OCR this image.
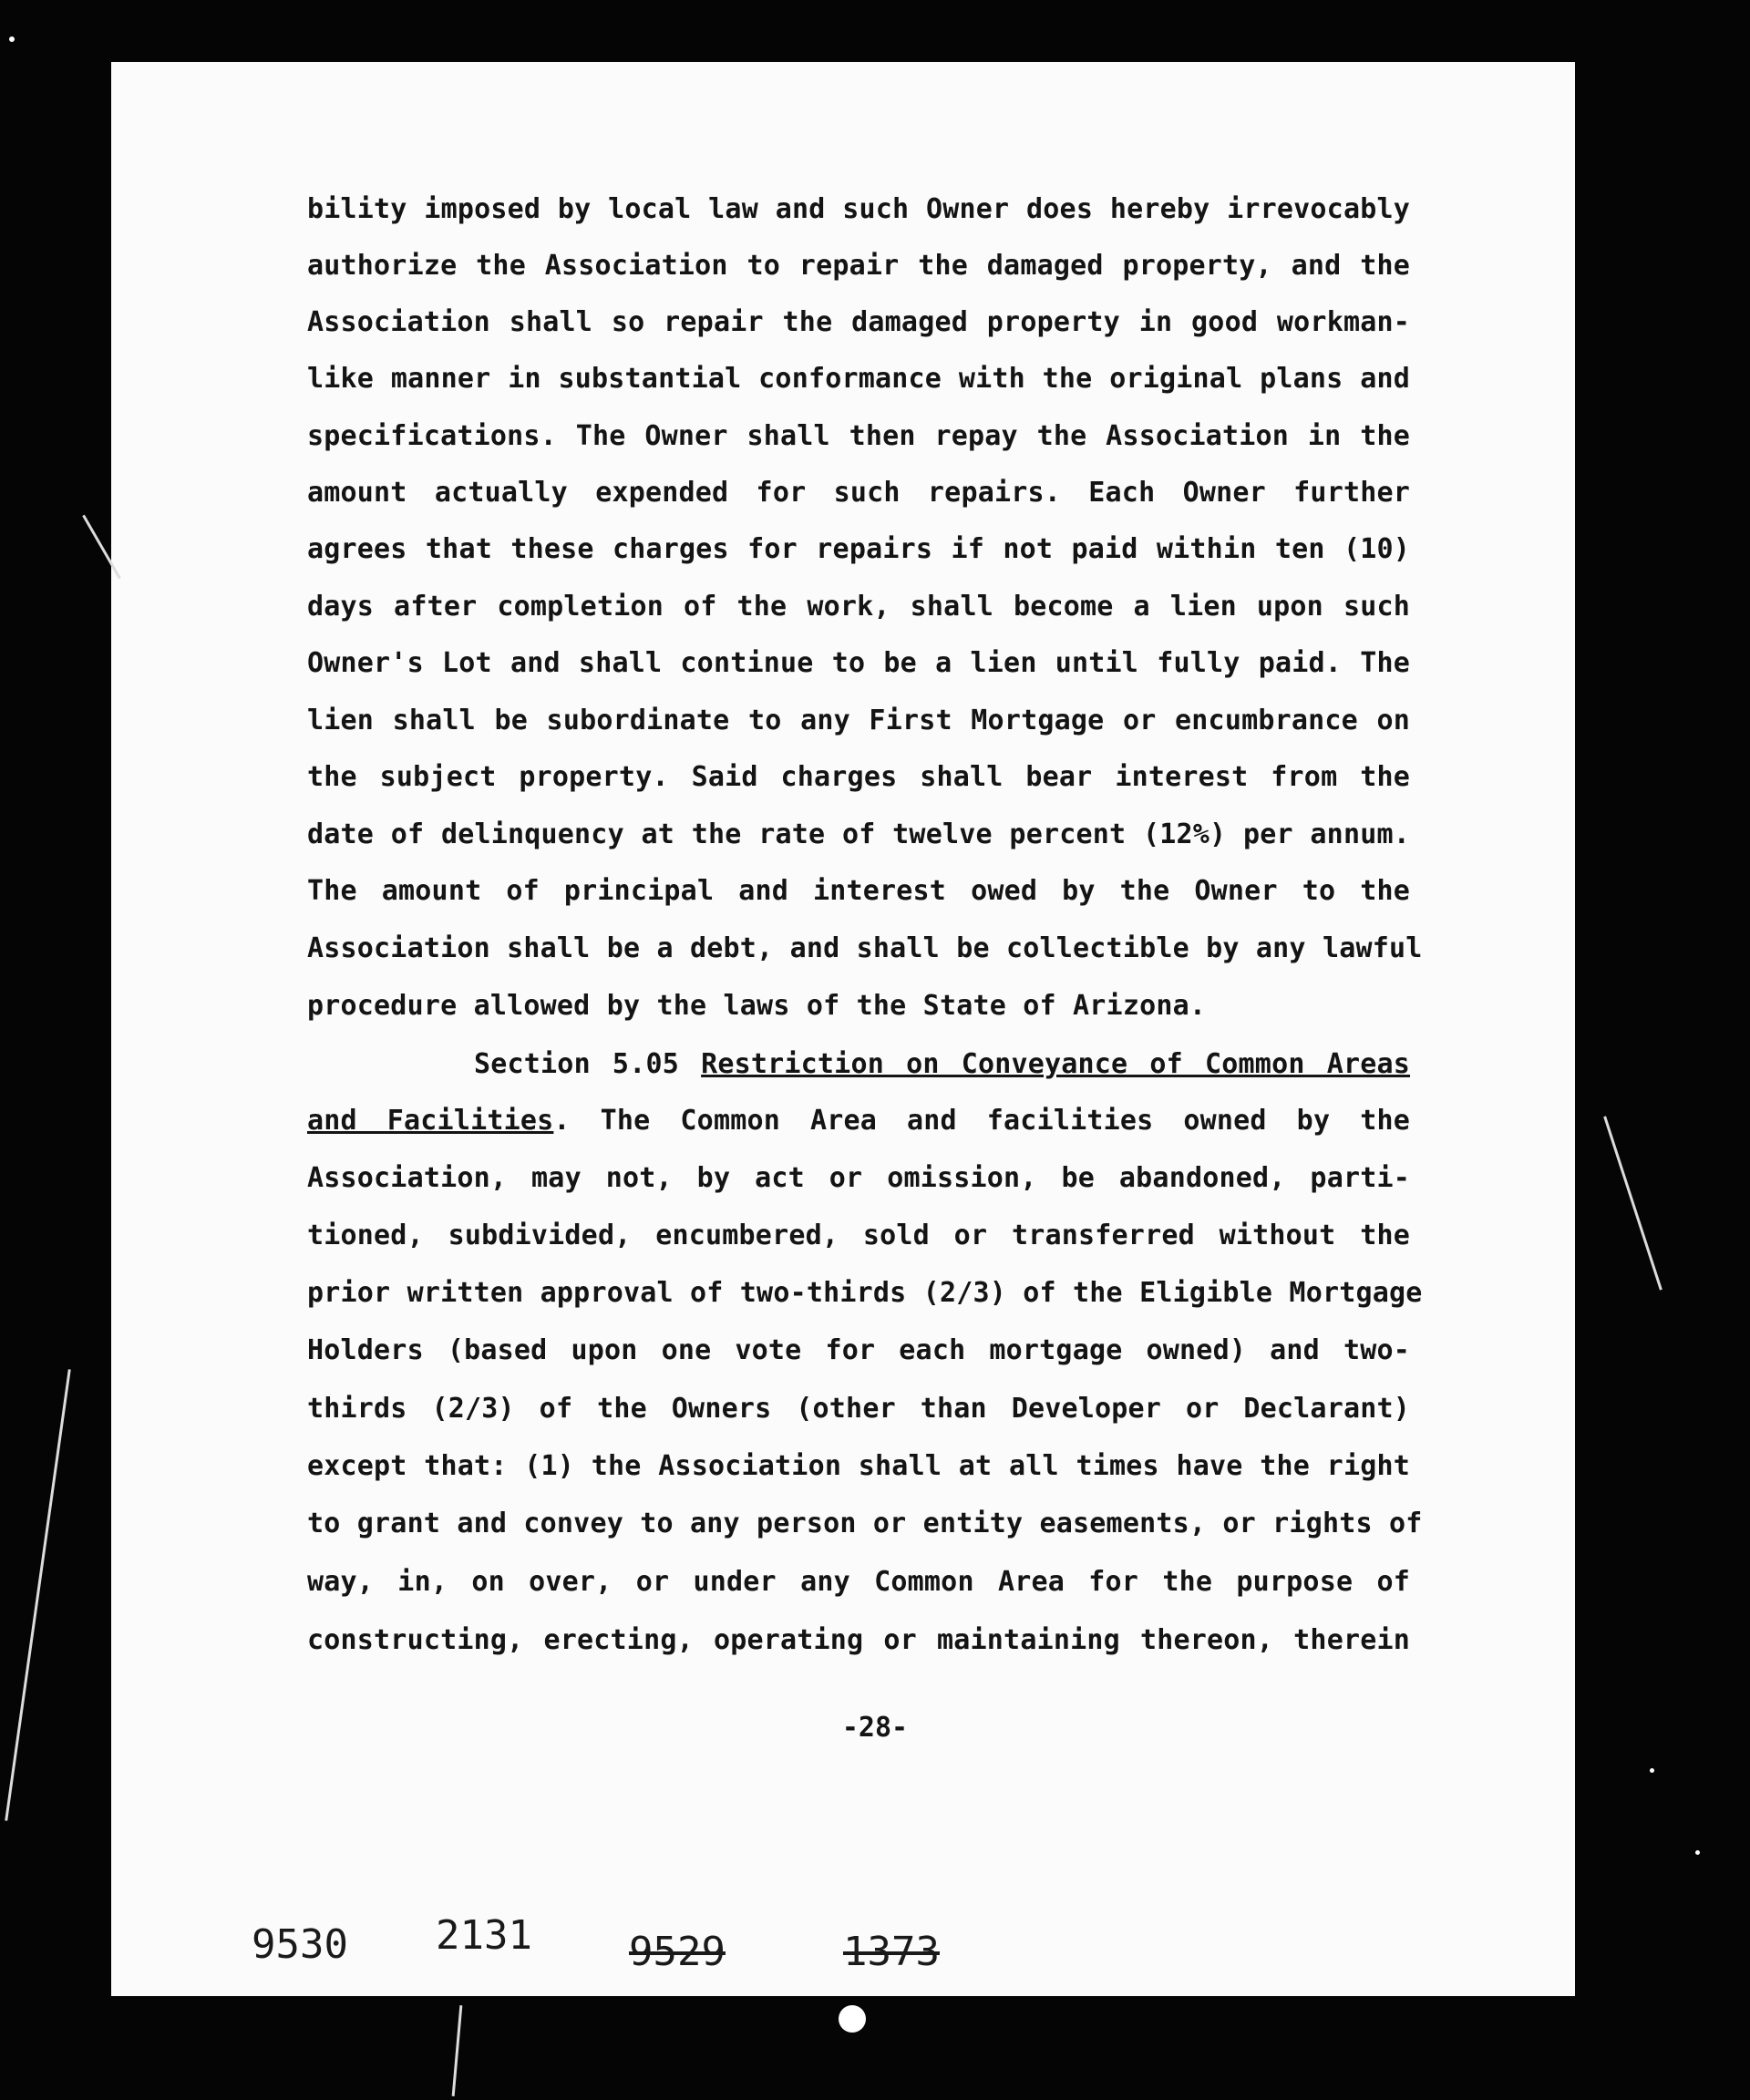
bility imposed by local law and such Owner does hereby irrevocably
authorize the Association to repair the damaged property, and the
Association shall so repair the damaged property in good workman-
like manner in substantial conformance with the original plans and
specifications. The Owner shall then repay the Association in the
amount actually expended for such repairs. Each Owner further
agrees that these charges for repairs if not paid within ten (10)
days after completion of the work, shall become a lien upon such
Owner's Lot and shall continue to be a lien until fully paid. The
lien shall be subordinate to any First Mortgage or encumbrance on
the subject property. Said charges shall bear interest from the
date of delinquency at the rate of twelve percent (12%) per annum.
The amount of principal and interest owed by the Owner to the
Association shall be a debt, and shall be collectible by any lawful
procedure allowed by the laws of the State of Arizona.
Section 5.05 Restriction on Conveyance of Common Areas
and Facilities. The Common Area and facilities owned by the
Association, may not, by act or omission, be abandoned, parti-
tioned, subdivided, encumbered, sold or transferred without the
prior written approval of two-thirds (2/3) of the Eligible Mortgage
Holders (based upon one vote for each mortgage owned) and two-
thirds (2/3) of the Owners (other than Developer or Declarant)
except that: (1) the Association shall at all times have the right
to grant and convey to any person or entity easements, or rights of
way, in, on over, or under any Common Area for the purpose of
constructing, erecting, operating or maintaining thereon, therein
-28-
9530 2131 9529	1373
